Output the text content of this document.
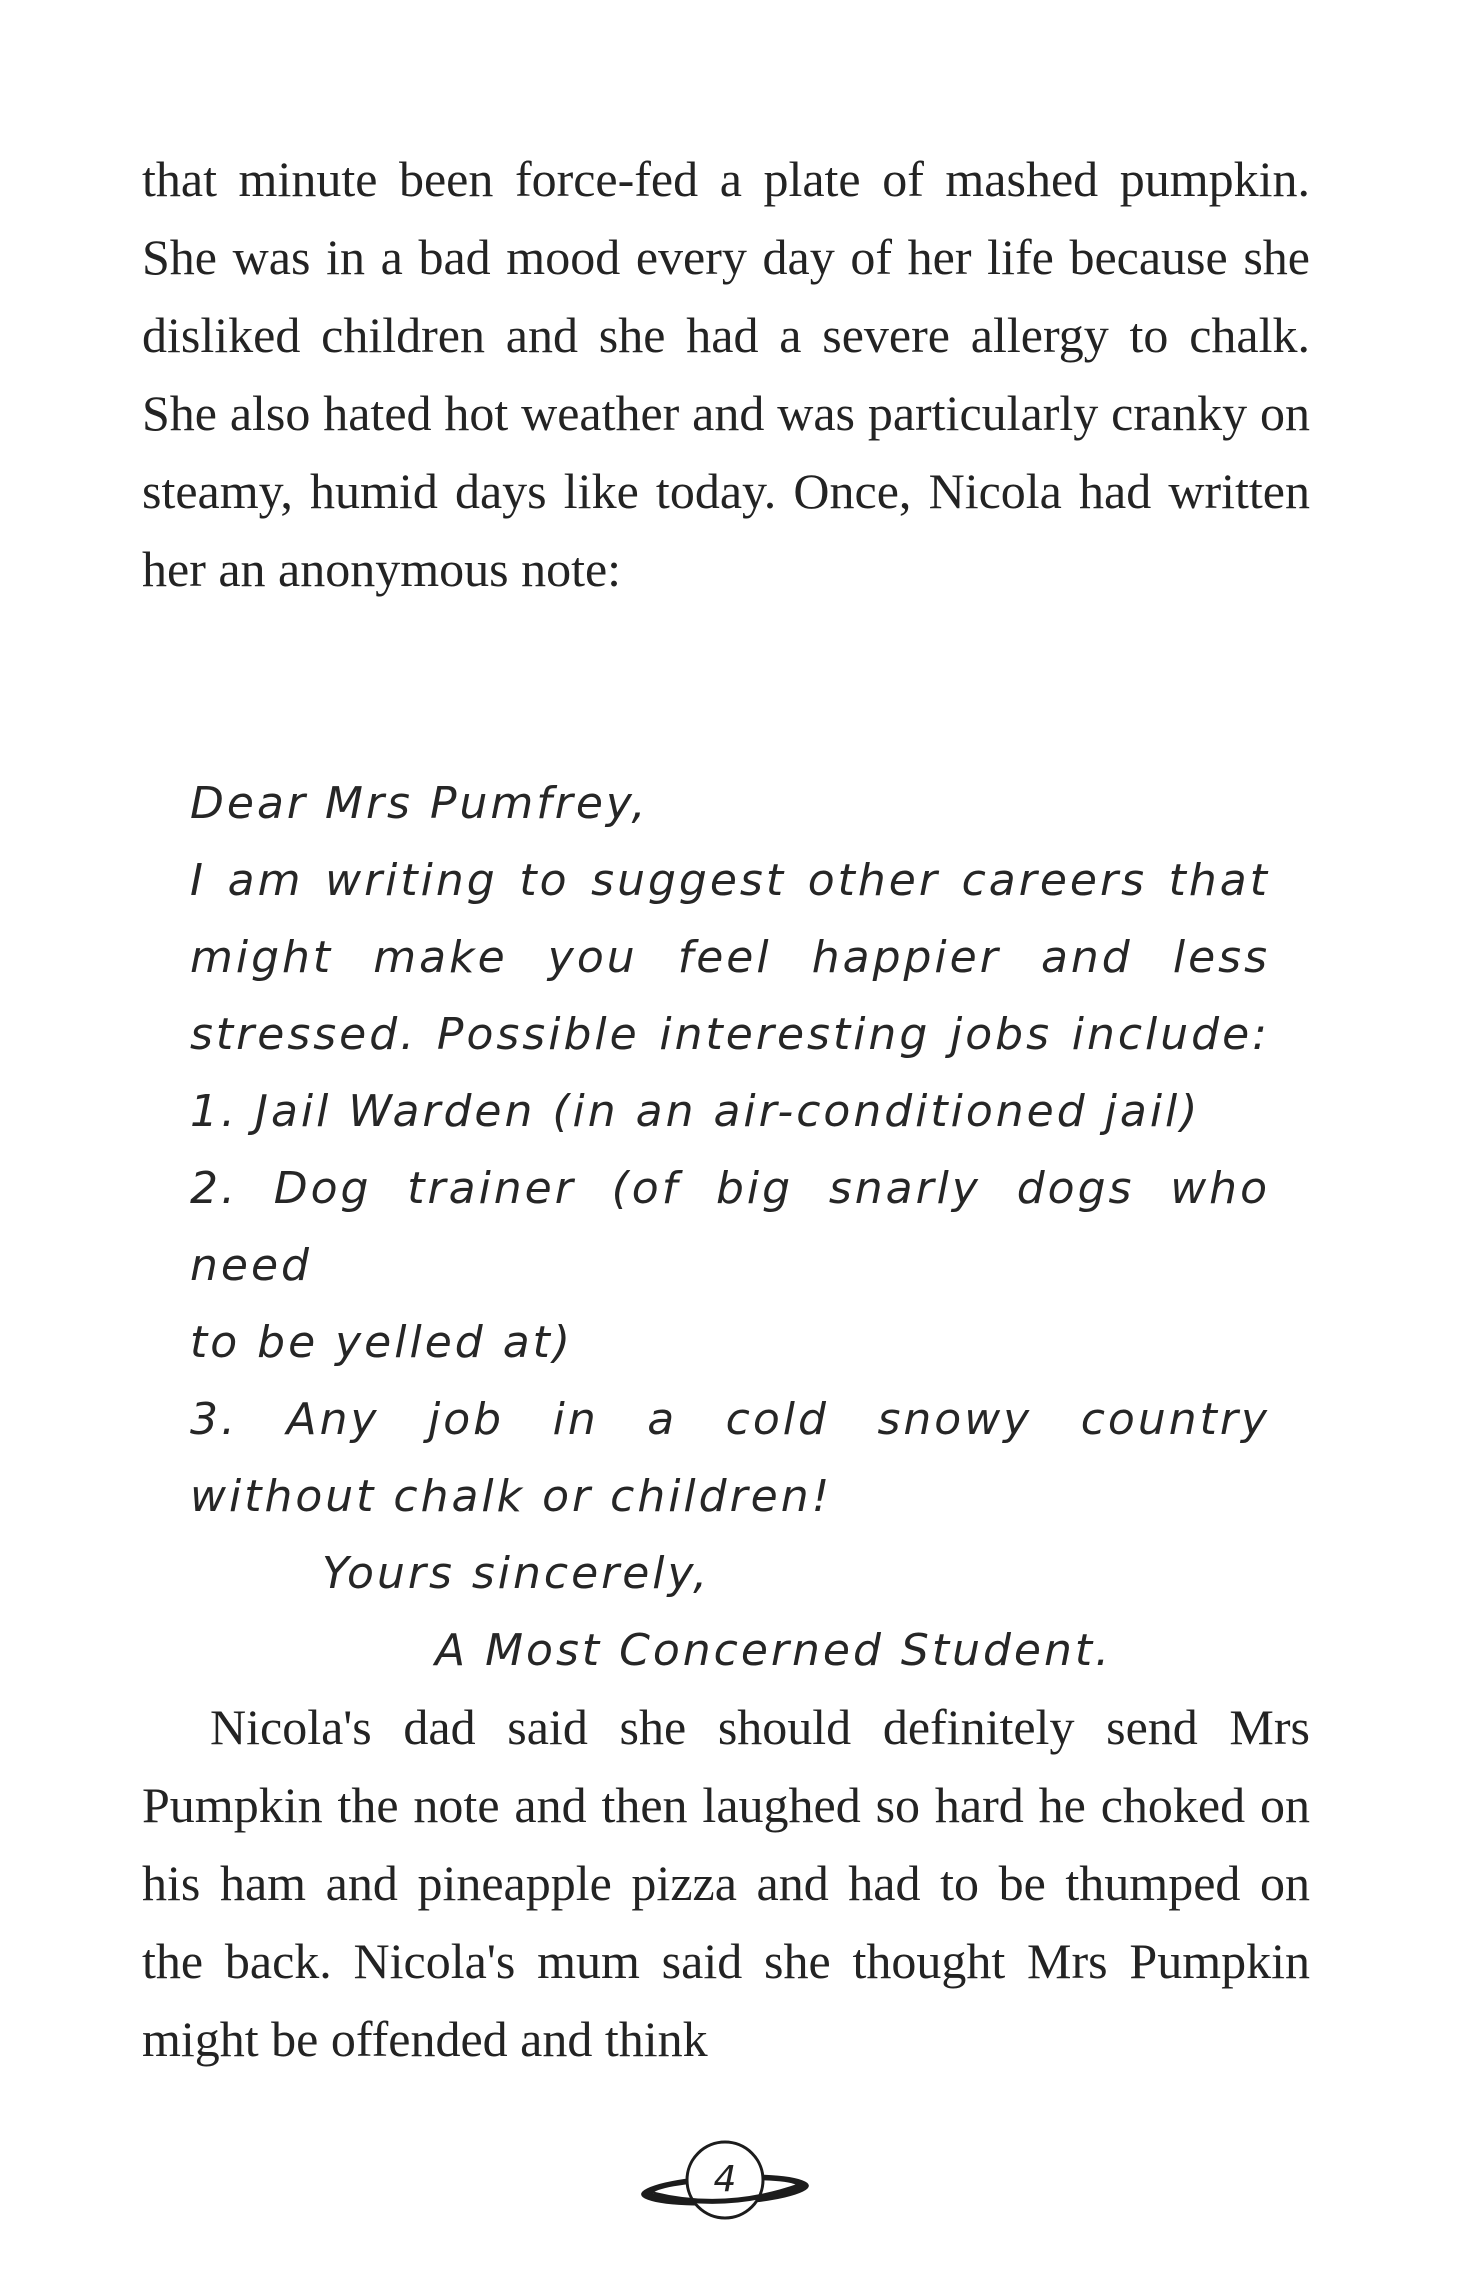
that minute been force-fed a plate of mashed pumpkin. She was in a bad mood every day of her life because she disliked children and she had a severe allergy to chalk. She also hated hot weather and was particularly cranky on steamy, humid days like today. Once, Nicola had written her an anonymous note:

Dear Mrs Pumfrey,
I am writing to suggest other careers that
might make you feel happier and less
stressed. Possible interesting jobs include:
1. Jail Warden (in an air-conditioned jail)
2. Dog trainer (of big snarly dogs who need
to be yelled at)
3. Any job in a cold snowy country
without chalk or children!
Yours sincerely,
A Most Concerned Student.

Nicola's dad said she should definitely send Mrs Pumpkin the note and then laughed so hard he choked on his ham and pineapple pizza and had to be thumped on the back. Nicola's mum said she thought Mrs Pumpkin might be offended and think

4
